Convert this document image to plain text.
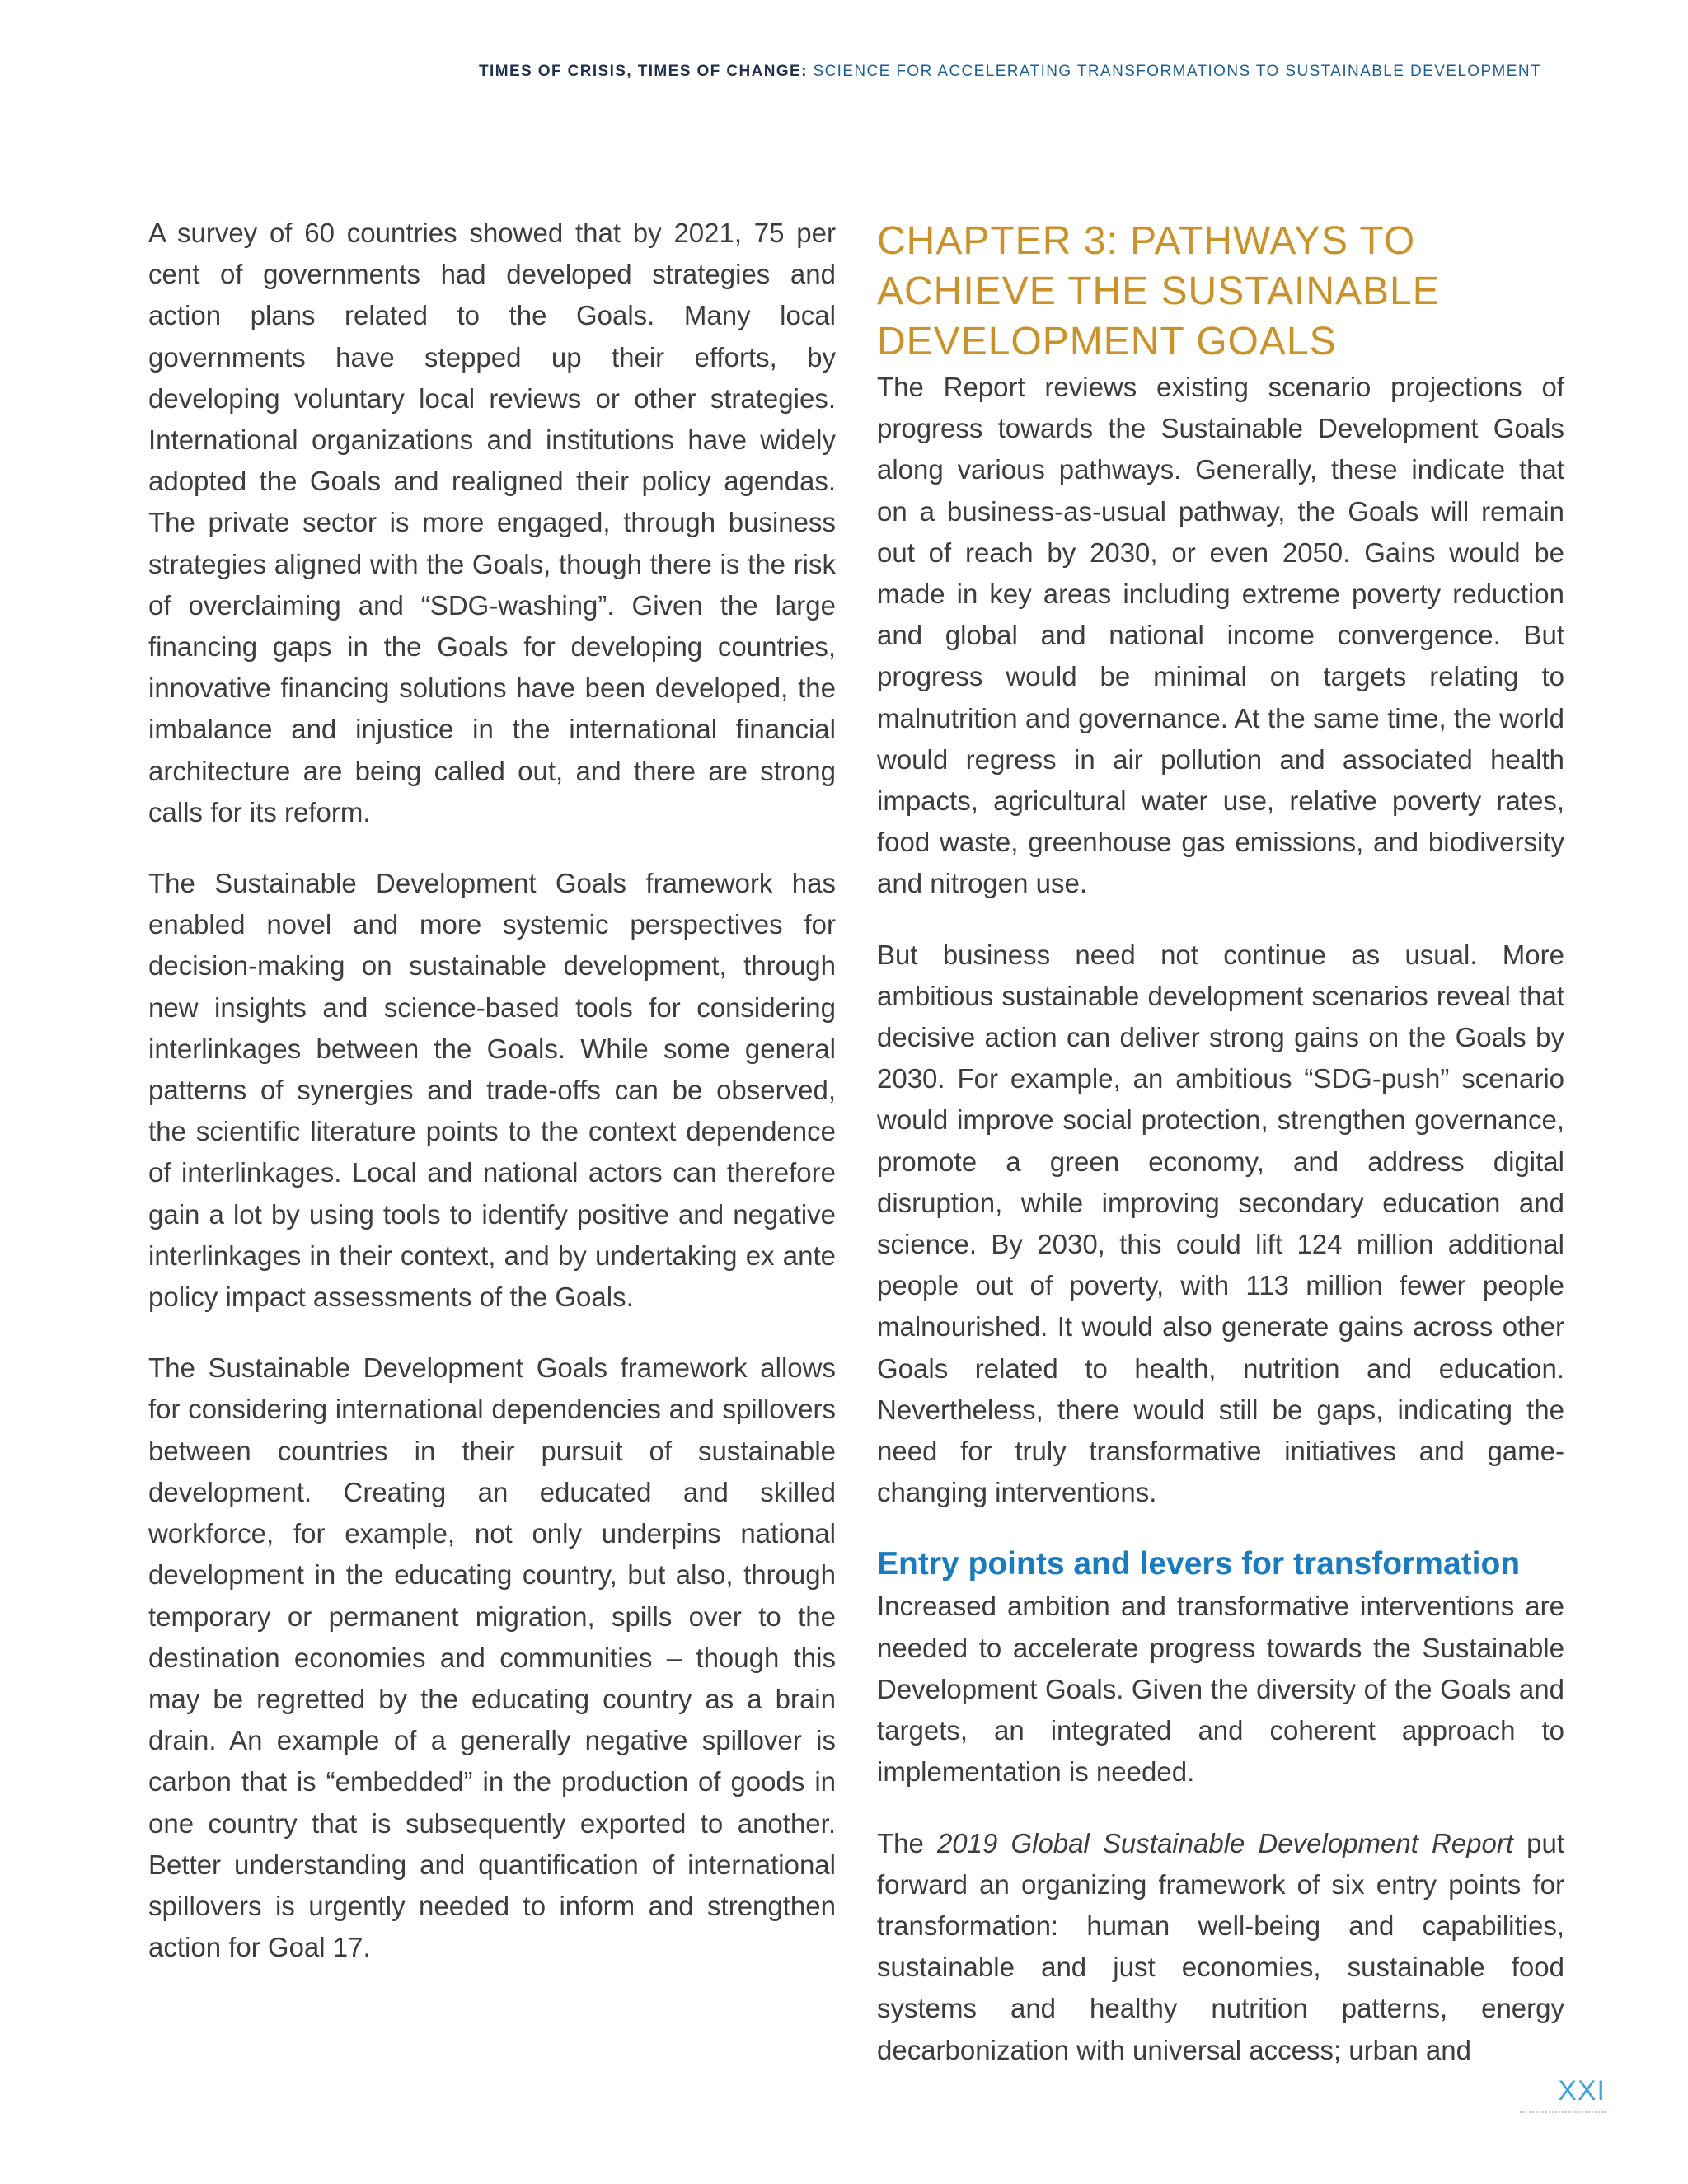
TIMES OF CRISIS, TIMES OF CHANGE: SCIENCE FOR ACCELERATING TRANSFORMATIONS TO SUSTAINABLE DEVELOPMENT

A survey of 60 countries showed that by 2021, 75 per cent of governments had developed strategies and action plans related to the Goals. Many local governments have stepped up their efforts, by developing voluntary local reviews or other strategies. International organizations and institutions have widely adopted the Goals and realigned their policy agendas. The private sector is more engaged, through business strategies aligned with the Goals, though there is the risk of overclaiming and “SDG-washing”. Given the large financing gaps in the Goals for developing countries, innovative financing solutions have been developed, the imbalance and injustice in the international financial architecture are being called out, and there are strong calls for its reform.

The Sustainable Development Goals framework has enabled novel and more systemic perspectives for decision-making on sustainable development, through new insights and science-based tools for considering interlinkages between the Goals. While some general patterns of synergies and trade-offs can be observed, the scientific literature points to the context dependence of interlinkages. Local and national actors can therefore gain a lot by using tools to identify positive and negative interlinkages in their context, and by undertaking ex ante policy impact assessments of the Goals.

The Sustainable Development Goals framework allows for considering international dependencies and spillovers between countries in their pursuit of sustainable development. Creating an educated and skilled workforce, for example, not only underpins national development in the educating country, but also, through temporary or permanent migration, spills over to the destination economies and communities – though this may be regretted by the educating country as a brain drain. An example of a generally negative spillover is carbon that is “embedded” in the production of goods in one country that is subsequently exported to another. Better understanding and quantification of international spillovers is urgently needed to inform and strengthen action for Goal 17.

CHAPTER 3: PATHWAYS TO ACHIEVE THE SUSTAINABLE DEVELOPMENT GOALS

The Report reviews existing scenario projections of progress towards the Sustainable Development Goals along various pathways. Generally, these indicate that on a business-as-usual pathway, the Goals will remain out of reach by 2030, or even 2050. Gains would be made in key areas including extreme poverty reduction and global and national income convergence. But progress would be minimal on targets relating to malnutrition and governance. At the same time, the world would regress in air pollution and associated health impacts, agricultural water use, relative poverty rates, food waste, greenhouse gas emissions, and biodiversity and nitrogen use.

But business need not continue as usual. More ambitious sustainable development scenarios reveal that decisive action can deliver strong gains on the Goals by 2030. For example, an ambitious “SDG-push” scenario would improve social protection, strengthen governance, promote a green economy, and address digital disruption, while improving secondary education and science. By 2030, this could lift 124 million additional people out of poverty, with 113 million fewer people malnourished. It would also generate gains across other Goals related to health, nutrition and education. Nevertheless, there would still be gaps, indicating the need for truly transformative initiatives and game-changing interventions.

Entry points and levers for transformation

Increased ambition and transformative interventions are needed to accelerate progress towards the Sustainable Development Goals. Given the diversity of the Goals and targets, an integrated and coherent approach to implementation is needed.

The 2019 Global Sustainable Development Report put forward an organizing framework of six entry points for transformation: human well-being and capabilities, sustainable and just economies, sustainable food systems and healthy nutrition patterns, energy decarbonization with universal access; urban and

XXI
